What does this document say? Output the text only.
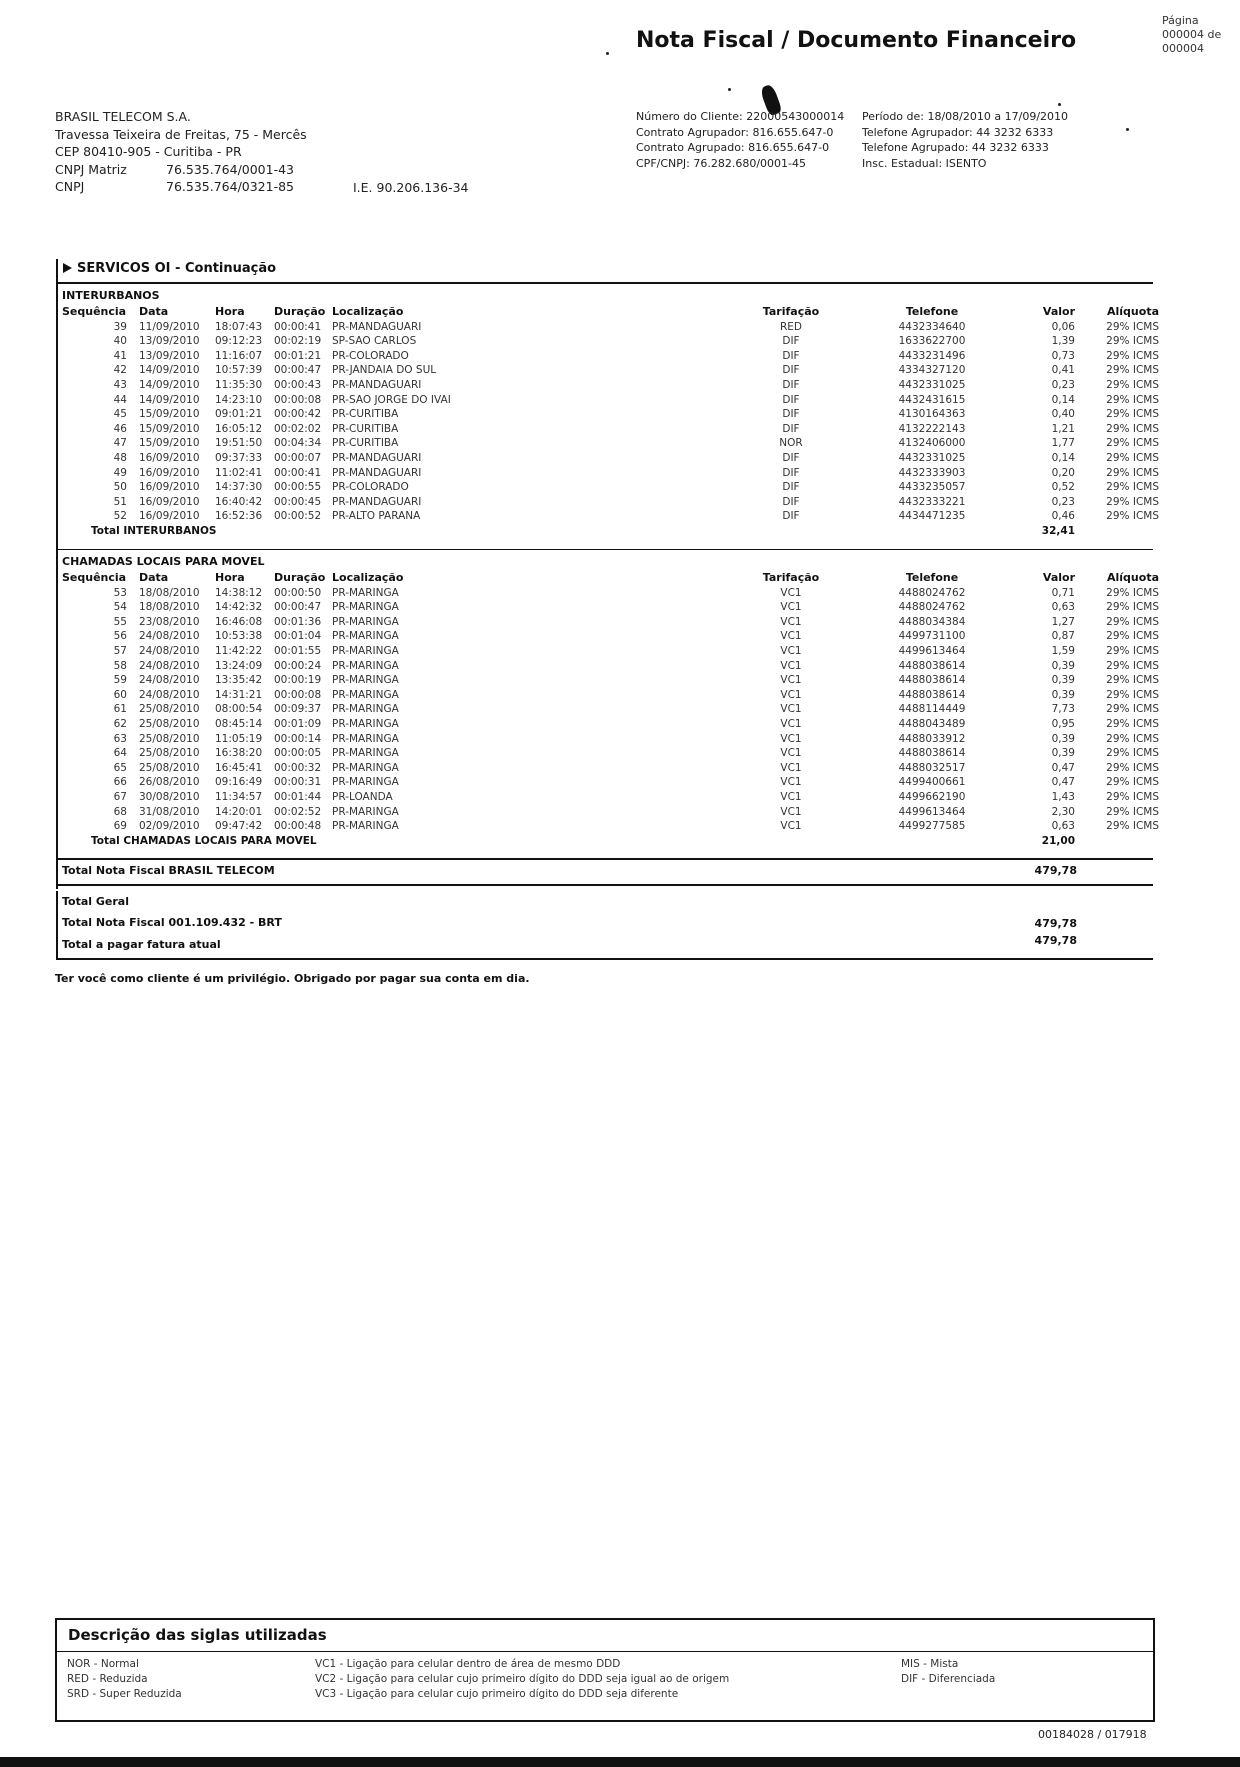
Nota Fiscal / Documento Financeiro
Página
000004 de
000004
BRASIL TELECOM S.A.
Travessa Teixeira de Freitas, 75 - Mercês
CEP 80410-905 - Curitiba - PR
CNPJ Matriz	76.535.764/0001-43
CNPJ	76.535.764/0321-85	I.E. 90.206.136-34
Número do Cliente: 22000543000014
Contrato Agrupador: 816.655.647-0
Contrato Agrupado: 816.655.647-0
CPF/CNPJ: 76.282.680/0001-45
Período de: 18/08/2010 a 17/09/2010
Telefone Agrupador: 44 3232 6333
Telefone Agrupado: 44 3232 6333
Insc. Estadual: ISENTO
SERVICOS OI - Continuação
INTERURBANOS
Sequência	Data	Hora	Duração	Localização	Tarifação	Telefone	Valor	Alíquota
39	11/09/2010	18:07:43	00:00:41	PR-MANDAGUARI	RED	4432334640	0,06	29% ICMS
40	13/09/2010	09:12:23	00:02:19	SP-SAO CARLOS	DIF	1633622700	1,39	29% ICMS
41	13/09/2010	11:16:07	00:01:21	PR-COLORADO	DIF	4433231496	0,73	29% ICMS
42	14/09/2010	10:57:39	00:00:47	PR-JANDAIA DO SUL	DIF	4334327120	0,41	29% ICMS
43	14/09/2010	11:35:30	00:00:43	PR-MANDAGUARI	DIF	4432331025	0,23	29% ICMS
44	14/09/2010	14:23:10	00:00:08	PR-SAO JORGE DO IVAI	DIF	4432431615	0,14	29% ICMS
45	15/09/2010	09:01:21	00:00:42	PR-CURITIBA	DIF	4130164363	0,40	29% ICMS
46	15/09/2010	16:05:12	00:02:02	PR-CURITIBA	DIF	4132222143	1,21	29% ICMS
47	15/09/2010	19:51:50	00:04:34	PR-CURITIBA	NOR	4132406000	1,77	29% ICMS
48	16/09/2010	09:37:33	00:00:07	PR-MANDAGUARI	DIF	4432331025	0,14	29% ICMS
49	16/09/2010	11:02:41	00:00:41	PR-MANDAGUARI	DIF	4432333903	0,20	29% ICMS
50	16/09/2010	14:37:30	00:00:55	PR-COLORADO	DIF	4433235057	0,52	29% ICMS
51	16/09/2010	16:40:42	00:00:45	PR-MANDAGUARI	DIF	4432333221	0,23	29% ICMS
52	16/09/2010	16:52:36	00:00:52	PR-ALTO PARANA	DIF	4434471235	0,46	29% ICMS
Total INTERURBANOS							32,41	
CHAMADAS LOCAIS PARA MOVEL
Sequência	Data	Hora	Duração	Localização	Tarifação	Telefone	Valor	Alíquota
53	18/08/2010	14:38:12	00:00:50	PR-MARINGA	VC1	4488024762	0,71	29% ICMS
54	18/08/2010	14:42:32	00:00:47	PR-MARINGA	VC1	4488024762	0,63	29% ICMS
55	23/08/2010	16:46:08	00:01:36	PR-MARINGA	VC1	4488034384	1,27	29% ICMS
56	24/08/2010	10:53:38	00:01:04	PR-MARINGA	VC1	4499731100	0,87	29% ICMS
57	24/08/2010	11:42:22	00:01:55	PR-MARINGA	VC1	4499613464	1,59	29% ICMS
58	24/08/2010	13:24:09	00:00:24	PR-MARINGA	VC1	4488038614	0,39	29% ICMS
59	24/08/2010	13:35:42	00:00:19	PR-MARINGA	VC1	4488038614	0,39	29% ICMS
60	24/08/2010	14:31:21	00:00:08	PR-MARINGA	VC1	4488038614	0,39	29% ICMS
61	25/08/2010	08:00:54	00:09:37	PR-MARINGA	VC1	4488114449	7,73	29% ICMS
62	25/08/2010	08:45:14	00:01:09	PR-MARINGA	VC1	4488043489	0,95	29% ICMS
63	25/08/2010	11:05:19	00:00:14	PR-MARINGA	VC1	4488033912	0,39	29% ICMS
64	25/08/2010	16:38:20	00:00:05	PR-MARINGA	VC1	4488038614	0,39	29% ICMS
65	25/08/2010	16:45:41	00:00:32	PR-MARINGA	VC1	4488032517	0,47	29% ICMS
66	26/08/2010	09:16:49	00:00:31	PR-MARINGA	VC1	4499400661	0,47	29% ICMS
67	30/08/2010	11:34:57	00:01:44	PR-LOANDA	VC1	4499662190	1,43	29% ICMS
68	31/08/2010	14:20:01	00:02:52	PR-MARINGA	VC1	4499613464	2,30	29% ICMS
69	02/09/2010	09:47:42	00:00:48	PR-MARINGA	VC1	4499277585	0,63	29% ICMS
Total CHAMADAS LOCAIS PARA MOVEL							21,00	
Total Nota Fiscal BRASIL TELECOM	479,78
Total Geral
Total Nota Fiscal 001.109.432 - BRT	479,78
Total a pagar fatura atual	479,78
Ter você como cliente é um privilégio. Obrigado por pagar sua conta em dia.
Descrição das siglas utilizadas
NOR - Normal
RED - Reduzida
SRD - Super Reduzida
VC1 - Ligação para celular dentro de área de mesmo DDD
VC2 - Ligação para celular cujo primeiro dígito do DDD seja igual ao de origem
VC3 - Ligação para celular cujo primeiro dígito do DDD seja diferente
MIS - Mista
DIF - Diferenciada
00184028 / 017918
